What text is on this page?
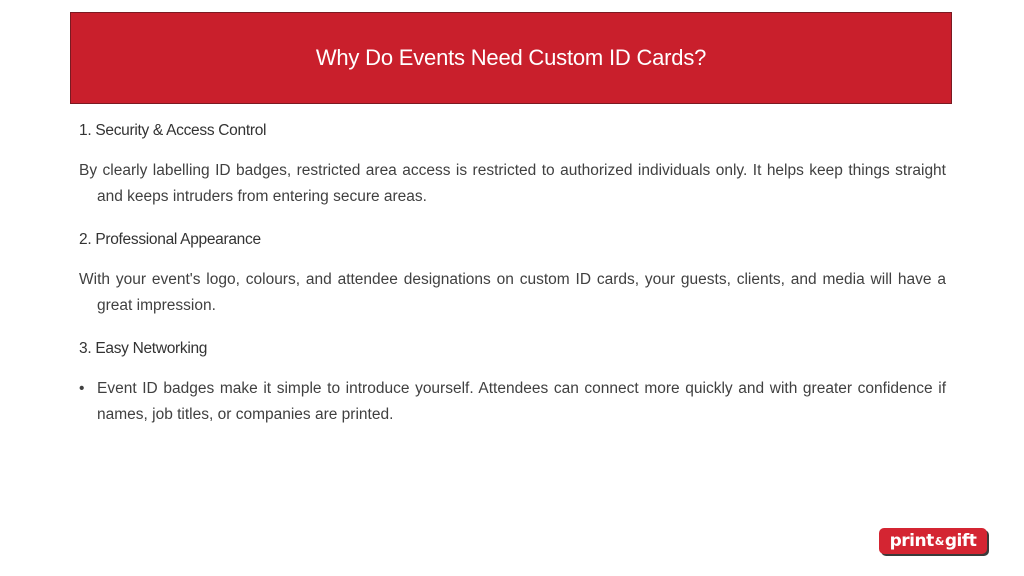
Why Do Events Need Custom ID Cards?
1. Security & Access Control

By clearly labelling ID badges, restricted area access is restricted to authorized individuals only. It helps keep things straight and keeps intruders from entering secure areas.

2. Professional Appearance

With your event's logo, colours, and attendee designations on custom ID cards, your guests, clients, and media will have a great impression.

3. Easy Networking
• Event ID badges make it simple to introduce yourself. Attendees can connect more quickly and with greater confidence if names, job titles, or companies are printed.
print & gift
